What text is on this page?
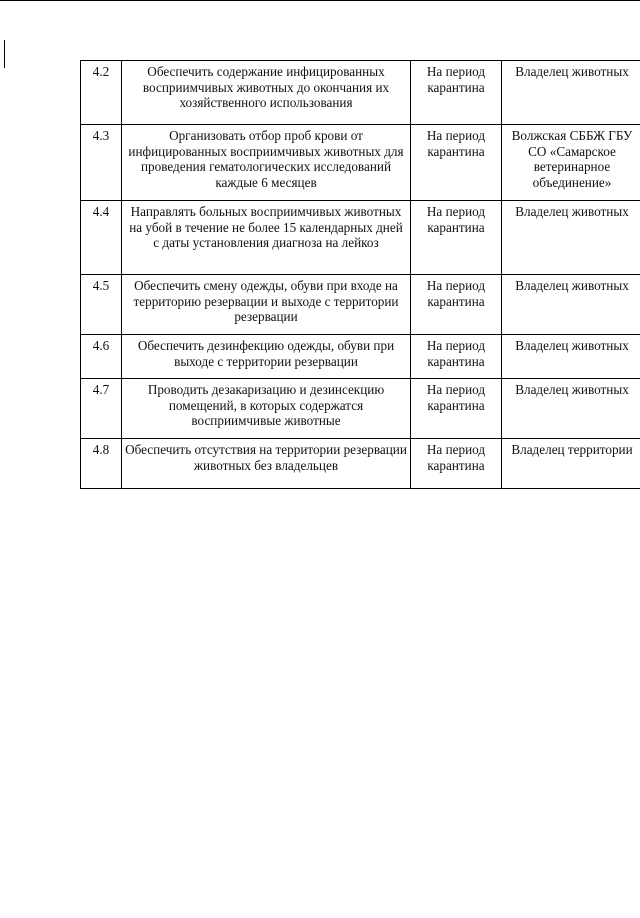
4.2	Обеспечить содержание инфицированных восприимчивых животных до окончания их хозяйственного использования	На период карантина	Владелец животных
4.3	Организовать отбор проб крови от инфицированных восприимчивых животных для проведения гематологических исследований каждые 6 месяцев	На период карантина	Волжская СББЖ ГБУ СО «Самарское ветеринарное объединение»
4.4	Направлять больных восприимчивых животных на убой в течение не более 15 календарных дней с даты установления диагноза на лейкоз	На период карантина	Владелец животных
4.5	Обеспечить смену одежды, обуви при входе на территорию резервации и выходе с территории резервации	На период карантина	Владелец животных
4.6	Обеспечить дезинфекцию одежды, обуви при выходе с территории резервации	На период карантина	Владелец животных
4.7	Проводить дезакаризацию и дезинсекцию помещений, в которых содержатся восприимчивые животные	На период карантина	Владелец животных
4.8	Обеспечить отсутствия на территории резервации животных без владельцев	На период карантина	Владелец территории
